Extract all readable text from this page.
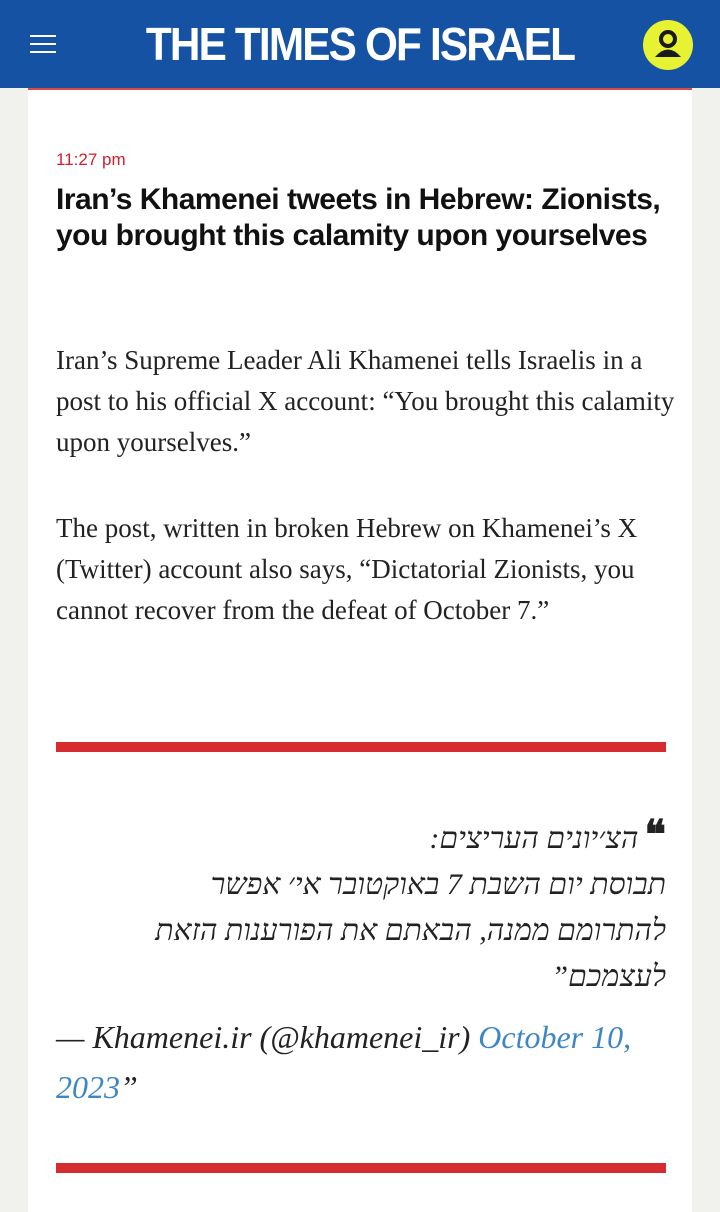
THE TIMES OF ISRAEL
11:27 pm
Iran’s Khamenei tweets in Hebrew: Zionists, you brought this calamity upon yourselves
Iran’s Supreme Leader Ali Khamenei tells Israelis in a post to his official X account: “You brought this calamity upon yourselves.”
The post, written in broken Hebrew on Khamenei’s X (Twitter) account also says, “Dictatorial Zionists, you cannot recover from the defeat of October 7.”
❝הצ׳יונים העריצים:
תבוסת יום השבת 7 באוקטובר אי׳ אפשר
להתרומם ממנה, הבאתם את הפורענות הזאת
לעצמכם”
— Khamenei.ir (@khamenei_ir) October 10, 2023”
